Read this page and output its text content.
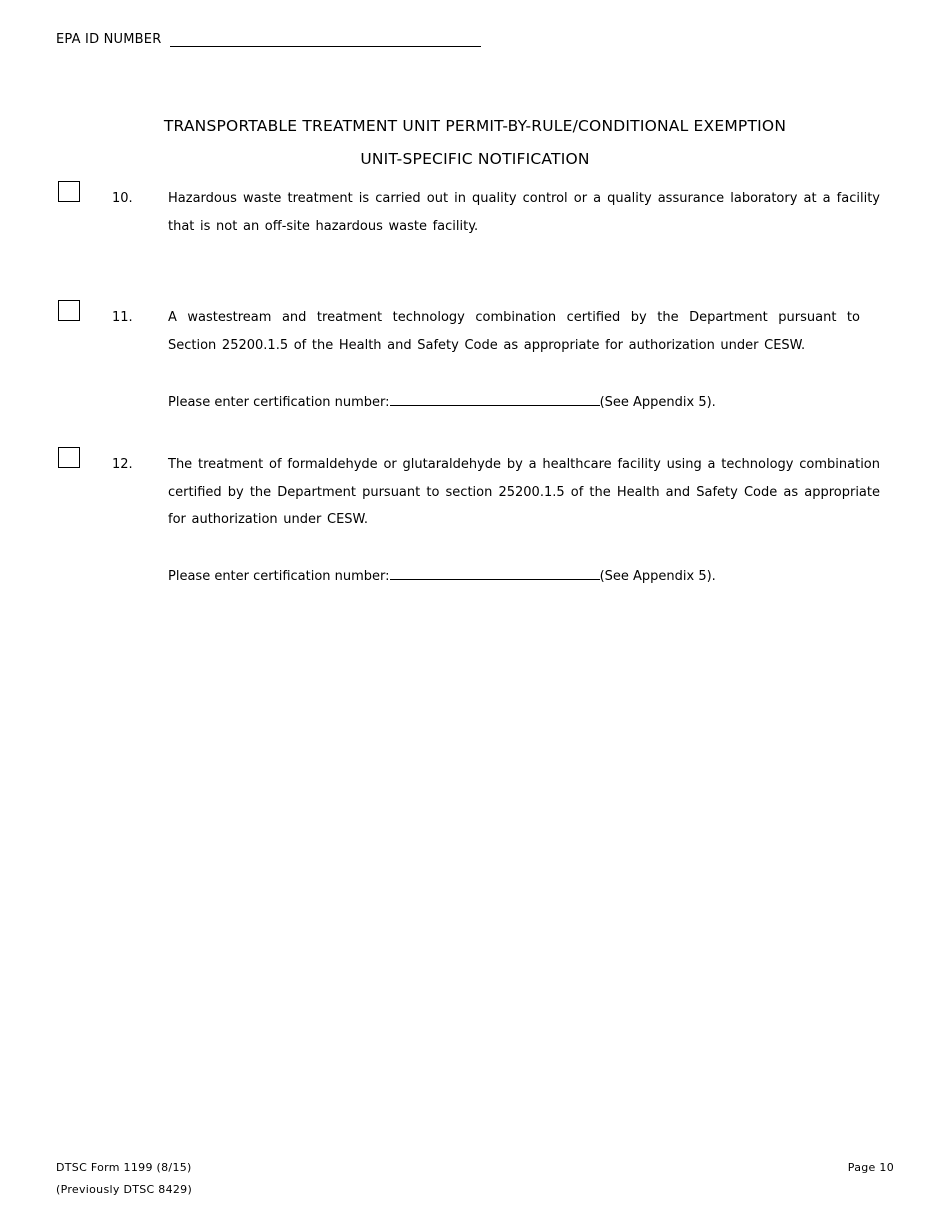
EPA ID NUMBER
TRANSPORTABLE TREATMENT UNIT PERMIT-BY-RULE/CONDITIONAL EXEMPTION
UNIT-SPECIFIC NOTIFICATION
10.	Hazardous waste treatment is carried out in quality control or a quality assurance laboratory at a facility that is not an off-site hazardous waste facility.
11.	A wastestream and treatment technology combination certified by the Department pursuant to Section 25200.1.5 of the Health and Safety Code as appropriate for authorization under CESW.
Please enter certification number:	(See Appendix 5).
12.	The treatment of formaldehyde or glutaraldehyde by a healthcare facility using a technology combination certified by the Department pursuant to section 25200.1.5 of the Health and Safety Code as appropriate for authorization under CESW.
Please enter certification number:	(See Appendix 5).
DTSC Form 1199 (8/15)
(Previously DTSC 8429)
Page 10
